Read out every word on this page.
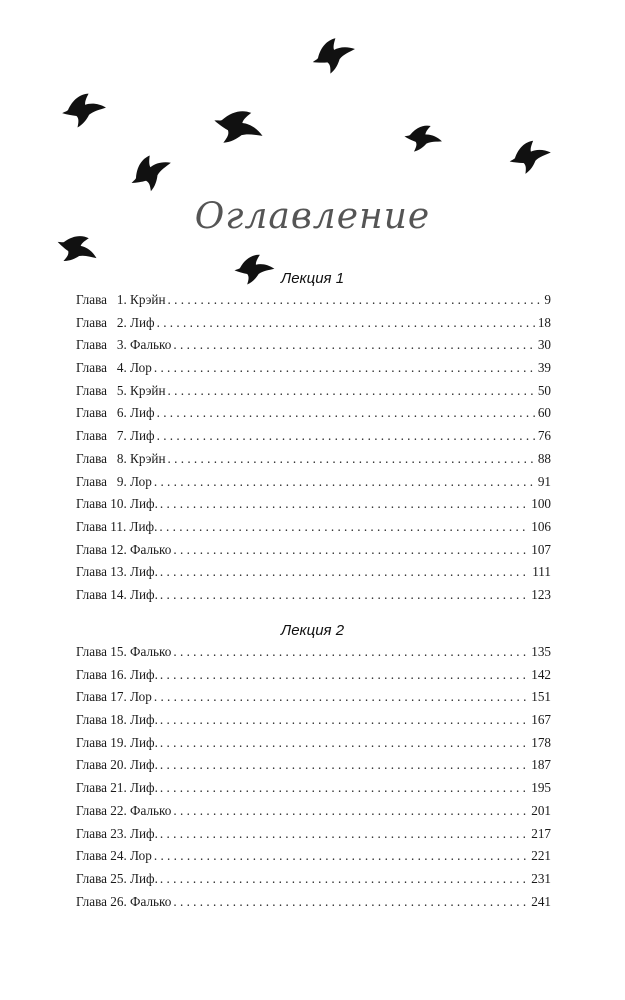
Оглавление
Лекция 1
Глава   1. Крэйн . . .	9
Глава   2. Лиф . . .	18
Глава   3. Фалько . . .	30
Глава   4. Лор . . .	39
Глава   5. Крэйн . . .	50
Глава   6. Лиф . . .	60
Глава   7. Лиф . . .	76
Глава   8. Крэйн . . .	88
Глава   9. Лор . . .	91
Глава 10. Лиф. . . .	100
Глава 11. Лиф. . . .	106
Глава 12. Фалько . . .	107
Глава 13. Лиф. . . .	111
Глава 14. Лиф. . . .	123
Лекция 2
Глава 15. Фалько . . .	135
Глава 16. Лиф. . . .	142
Глава 17. Лор . . .	151
Глава 18. Лиф. . . .	167
Глава 19. Лиф. . . .	178
Глава 20. Лиф. . . .	187
Глава 21. Лиф. . . .	195
Глава 22. Фалько . . .	201
Глава 23. Лиф. . . .	217
Глава 24. Лор . . .	221
Глава 25. Лиф. . . .	231
Глава 26. Фалько . . .	241
